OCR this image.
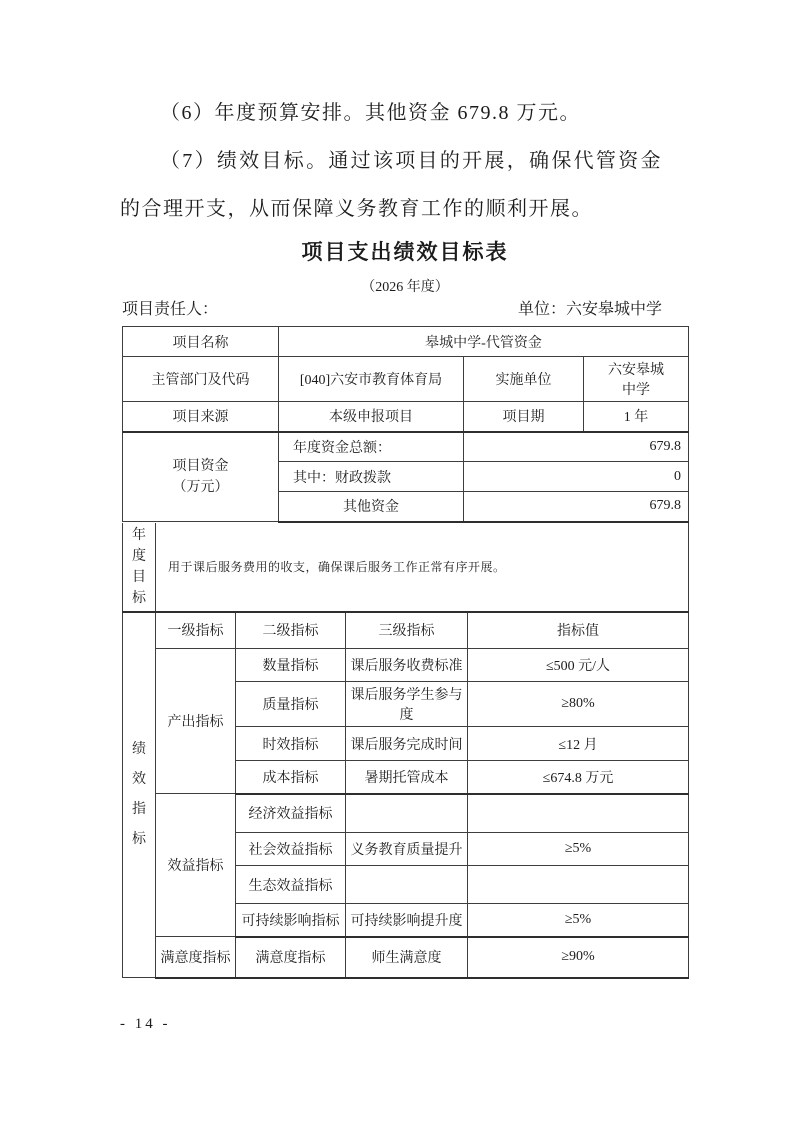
（6）年度预算安排。其他资金 679.8 万元。

（7）绩效目标。通过该项目的开展，确保代管资金的合理开支，从而保障义务教育工作的顺利开展。

项目支出绩效目标表
（2026 年度）
项目责任人：	单位：六安皋城中学
项目名称	皋城中学-代管资金		
主管部门及代码	[040]六安市教育体育局	实施单位	六安皋城中学
项目来源	本级申报项目	项目期	1 年

项目资金
（万元）	年度资金总额：	679.8	
	其中：财政拨款	0	
	其他资金	679.8	
年度目标	用于课后服务费用的收支，确保课后服务工作正常有序开展。
绩效指标	一级指标	二级指标	三级指标	指标值
	产出指标	数量指标	课后服务收费标准	≤500 元/人
		质量指标	课后服务学生参与度	≥80%
		时效指标	课后服务完成时间	≤12 月
		成本指标	暑期托管成本	≤674.8 万元
	效益指标	经济效益指标		
		社会效益指标	义务教育质量提升	≥5%
		生态效益指标		
		可持续影响指标	可持续影响提升度	≥5%
	满意度指标	满意度指标	师生满意度	≥90%
- 14 -
